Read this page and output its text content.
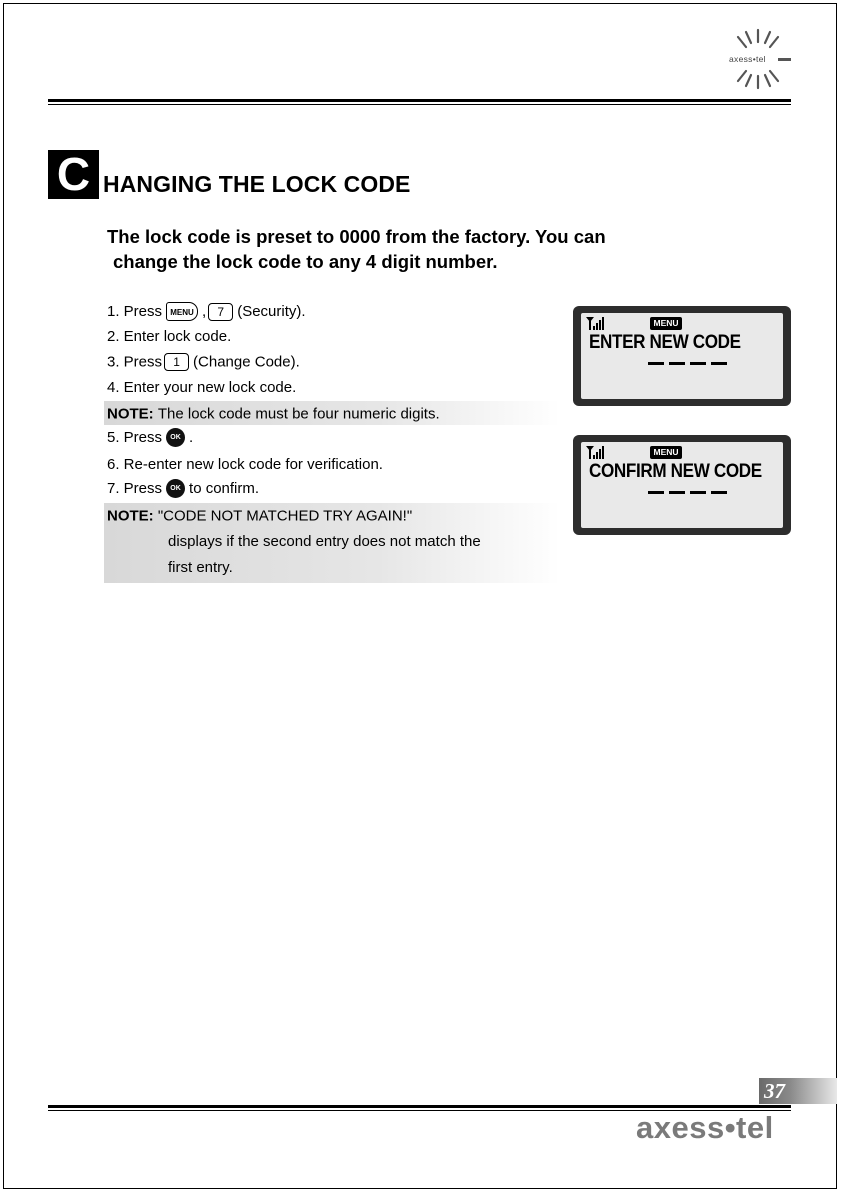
axess•tel
C HANGING THE LOCK CODE
The lock code is preset to 0000 from the factory. You can
change the lock code to any 4 digit number.
1. Press MENU , 7 (Security).
2. Enter lock code.
3. Press 1 (Change Code).
4. Enter your new lock code.
NOTE: The lock code must be four numeric digits.
5. Press OK .
6. Re-enter new lock code for verification.
7. Press OK to confirm.
NOTE: "CODE NOT MATCHED TRY AGAIN!"
displays if the second entry does not match the
first entry.
MENU
ENTER NEW CODE
MENU
CONFIRM NEW CODE
37
axess•tel
